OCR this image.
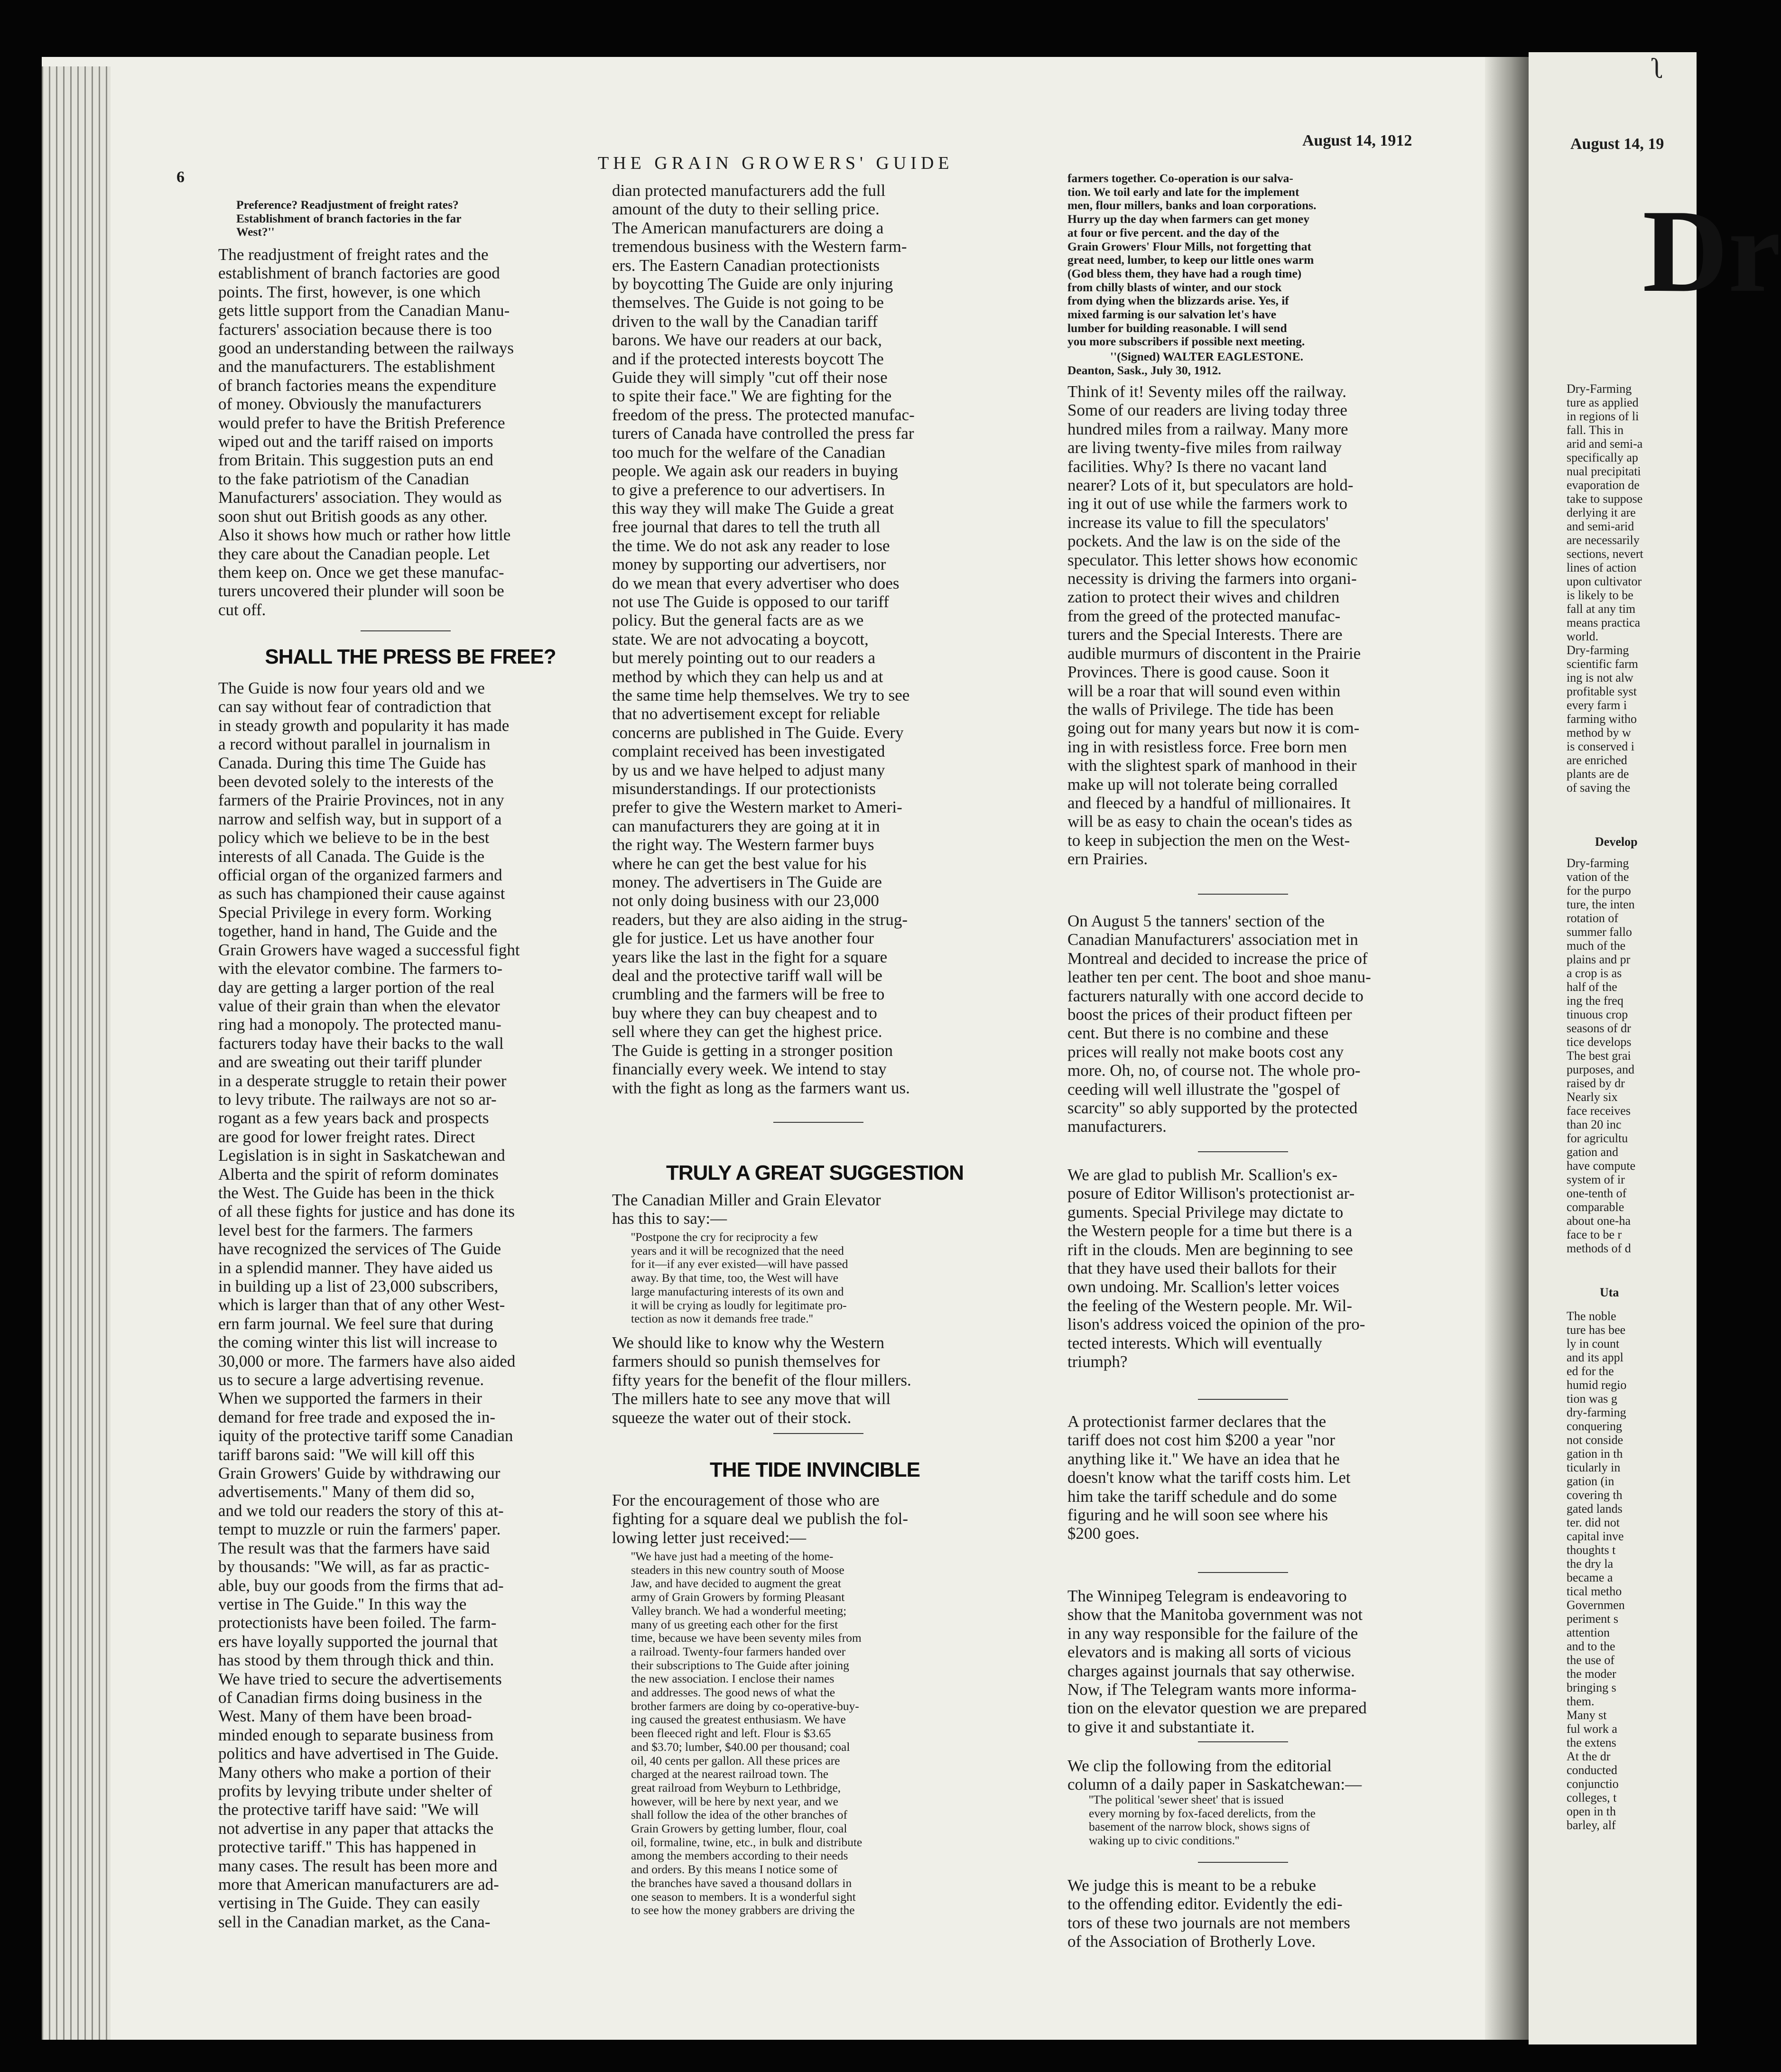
6
THE GRAIN GROWERS' GUIDE
August 14, 1912

Preference? Readjustment of freight rates?
Establishment of branch factories in the far
West?''

The readjustment of freight rates and the
establishment of branch factories are good
points. The first, however, is one which
gets little support from the Canadian Manu-
facturers' association because there is too
good an understanding between the railways
and the manufacturers. The establishment
of branch factories means the expenditure
of money. Obviously the manufacturers
would prefer to have the British Preference
wiped out and the tariff raised on imports
from Britain. This suggestion puts an end
to the fake patriotism of the Canadian
Manufacturers' association. They would as
soon shut out British goods as any other.
Also it shows how much or rather how little
they care about the Canadian people. Let
them keep on. Once we get these manufac-
turers uncovered their plunder will soon be
cut off.

SHALL THE PRESS BE FREE?

The Guide is now four years old and we
can say without fear of contradiction that
in steady growth and popularity it has made
a record without parallel in journalism in
Canada. During this time The Guide has
been devoted solely to the interests of the
farmers of the Prairie Provinces, not in any
narrow and selfish way, but in support of a
policy which we believe to be in the best
interests of all Canada. The Guide is the
official organ of the organized farmers and
as such has championed their cause against
Special Privilege in every form. Working
together, hand in hand, The Guide and the
Grain Growers have waged a successful fight
with the elevator combine. The farmers to-
day are getting a larger portion of the real
value of their grain than when the elevator
ring had a monopoly. The protected manu-
facturers today have their backs to the wall
and are sweating out their tariff plunder
in a desperate struggle to retain their power
to levy tribute. The railways are not so ar-
rogant as a few years back and prospects
are good for lower freight rates. Direct
Legislation is in sight in Saskatchewan and
Alberta and the spirit of reform dominates
the West. The Guide has been in the thick
of all these fights for justice and has done its
level best for the farmers. The farmers
have recognized the services of The Guide
in a splendid manner. They have aided us
in building up a list of 23,000 subscribers,
which is larger than that of any other West-
ern farm journal. We feel sure that during
the coming winter this list will increase to
30,000 or more. The farmers have also aided
us to secure a large advertising revenue.
When we supported the farmers in their
demand for free trade and exposed the in-
iquity of the protective tariff some Canadian
tariff barons said: ''We will kill off this
Grain Growers' Guide by withdrawing our
advertisements.'' Many of them did so,
and we told our readers the story of this at-
tempt to muzzle or ruin the farmers' paper.
The result was that the farmers have said
by thousands: ''We will, as far as practic-
able, buy our goods from the firms that ad-
vertise in The Guide.'' In this way the
protectionists have been foiled. The farm-
ers have loyally supported the journal that
has stood by them through thick and thin.
We have tried to secure the advertisements
of Canadian firms doing business in the
West. Many of them have been broad-
minded enough to separate business from
politics and have advertised in The Guide.
Many others who make a portion of their
profits by levying tribute under shelter of
the protective tariff have said: ''We will
not advertise in any paper that attacks the
protective tariff.'' This has happened in
many cases. The result has been more and
more that American manufacturers are ad-
vertising in The Guide. They can easily
sell in the Canadian market, as the Cana-

dian protected manufacturers add the full
amount of the duty to their selling price.
The American manufacturers are doing a
tremendous business with the Western farm-
ers. The Eastern Canadian protectionists
by boycotting The Guide are only injuring
themselves. The Guide is not going to be
driven to the wall by the Canadian tariff
barons. We have our readers at our back,
and if the protected interests boycott The
Guide they will simply ''cut off their nose
to spite their face.'' We are fighting for the
freedom of the press. The protected manufac-
turers of Canada have controlled the press far
too much for the welfare of the Canadian
people. We again ask our readers in buying
to give a preference to our advertisers. In
this way they will make The Guide a great
free journal that dares to tell the truth all
the time. We do not ask any reader to lose
money by supporting our advertisers, nor
do we mean that every advertiser who does
not use The Guide is opposed to our tariff
policy. But the general facts are as we
state. We are not advocating a boycott,
but merely pointing out to our readers a
method by which they can help us and at
the same time help themselves. We try to see
that no advertisement except for reliable
concerns are published in The Guide. Every
complaint received has been investigated
by us and we have helped to adjust many
misunderstandings. If our protectionists
prefer to give the Western market to Ameri-
can manufacturers they are going at it in
the right way. The Western farmer buys
where he can get the best value for his
money. The advertisers in The Guide are
not only doing business with our 23,000
readers, but they are also aiding in the strug-
gle for justice. Let us have another four
years like the last in the fight for a square
deal and the protective tariff wall will be
crumbling and the farmers will be free to
buy where they can buy cheapest and to
sell where they can get the highest price.
The Guide is getting in a stronger position
financially every week. We intend to stay
with the fight as long as the farmers want us.

TRULY A GREAT SUGGESTION

The Canadian Miller and Grain Elevator
has this to say:—

''Postpone the cry for reciprocity a few
years and it will be recognized that the need
for it—if any ever existed—will have passed
away. By that time, too, the West will have
large manufacturing interests of its own and
it will be crying as loudly for legitimate pro-
tection as now it demands free trade.''

We should like to know why the Western
farmers should so punish themselves for
fifty years for the benefit of the flour millers.
The millers hate to see any move that will
squeeze the water out of their stock.

THE TIDE INVINCIBLE

For the encouragement of those who are
fighting for a square deal we publish the fol-
lowing letter just received:—

''We have just had a meeting of the home-
steaders in this new country south of Moose
Jaw, and have decided to augment the great
army of Grain Growers by forming Pleasant
Valley branch. We had a wonderful meeting;
many of us greeting each other for the first
time, because we have been seventy miles from
a railroad. Twenty-four farmers handed over
their subscriptions to The Guide after joining
the new association. I enclose their names
and addresses. The good news of what the
brother farmers are doing by co-operative-buy-
ing caused the greatest enthusiasm. We have
been fleeced right and left. Flour is $3.65
and $3.70; lumber, $40.00 per thousand; coal
oil, 40 cents per gallon. All these prices are
charged at the nearest railroad town. The
great railroad from Weyburn to Lethbridge,
however, will be here by next year, and we
shall follow the idea of the other branches of
Grain Growers by getting lumber, flour, coal
oil, formaline, twine, etc., in bulk and distribute
among the members according to their needs
and orders. By this means I notice some of
the branches have saved a thousand dollars in
one season to members. It is a wonderful sight
to see how the money grabbers are driving the

farmers together. Co-operation is our salva-
tion. We toil early and late for the implement
men, flour millers, banks and loan corporations.
Hurry up the day when farmers can get money
at four or five percent. and the day of the
Grain Growers' Flour Mills, not forgetting that
great need, lumber, to keep our little ones warm
(God bless them, they have had a rough time)
from chilly blasts of winter, and our stock
from dying when the blizzards arise. Yes, if
mixed farming is our salvation let's have
lumber for building reasonable. I will send
you more subscribers if possible next meeting.

''(Signed) WALTER EAGLESTONE.
Deanton, Sask., July 30, 1912.

Think of it! Seventy miles off the railway.
Some of our readers are living today three
hundred miles from a railway. Many more
are living twenty-five miles from railway
facilities. Why? Is there no vacant land
nearer? Lots of it, but speculators are hold-
ing it out of use while the farmers work to
increase its value to fill the speculators'
pockets. And the law is on the side of the
speculator. This letter shows how economic
necessity is driving the farmers into organi-
zation to protect their wives and children
from the greed of the protected manufac-
turers and the Special Interests. There are
audible murmurs of discontent in the Prairie
Provinces. There is good cause. Soon it
will be a roar that will sound even within
the walls of Privilege. The tide has been
going out for many years but now it is com-
ing in with resistless force. Free born men
with the slightest spark of manhood in their
make up will not tolerate being corralled
and fleeced by a handful of millionaires. It
will be as easy to chain the ocean's tides as
to keep in subjection the men on the West-
ern Prairies.

On August 5 the tanners' section of the
Canadian Manufacturers' association met in
Montreal and decided to increase the price of
leather ten per cent. The boot and shoe manu-
facturers naturally with one accord decide to
boost the prices of their product fifteen per
cent. But there is no combine and these
prices will really not make boots cost any
more. Oh, no, of course not. The whole pro-
ceeding will well illustrate the ''gospel of
scarcity'' so ably supported by the protected
manufacturers.

We are glad to publish Mr. Scallion's ex-
posure of Editor Willison's protectionist ar-
guments. Special Privilege may dictate to
the Western people for a time but there is a
rift in the clouds. Men are beginning to see
that they have used their ballots for their
own undoing. Mr. Scallion's letter voices
the feeling of the Western people. Mr. Wil-
lison's address voiced the opinion of the pro-
tected interests. Which will eventually
triumph?

A protectionist farmer declares that the
tariff does not cost him $200 a year ''nor
anything like it.'' We have an idea that he
doesn't know what the tariff costs him. Let
him take the tariff schedule and do some
figuring and he will soon see where his
$200 goes.

The Winnipeg Telegram is endeavoring to
show that the Manitoba government was not
in any way responsible for the failure of the
elevators and is making all sorts of vicious
charges against journals that say otherwise.
Now, if The Telegram wants more informa-
tion on the elevator question we are prepared
to give it and substantiate it.

We clip the following from the editorial
column of a daily paper in Saskatchewan:—

''The political 'sewer sheet' that is issued
every morning by fox-faced derelicts, from the
basement of the narrow block, shows signs of
waking up to civic conditions.''

We judge this is meant to be a rebuke
to the offending editor. Evidently the edi-
tors of these two journals are not members
of the Association of Brotherly Love.

ʅ
August 14, 19
Dr

Dry-Farming
ture as applied
in regions of li
fall. This in
arid and semi-a
specifically ap
nual precipitati
evaporation de
take to suppose
derlying it are
and semi-arid
are necessarily
sections, nevert
lines of action
upon cultivator
is likely to be
fall at any tim
means practica
world.
Dry-farming
scientific farm
ing is not alw
profitable syst
every farm i
farming witho
method by w
is conserved i
are enriched
plants are de
of saving the

Develop

Dry-farming
vation of the
for the purpo
ture, the inten
rotation of
summer fallo
much of the
plains and pr
a crop is as
half of the
ing the freq
tinuous crop
seasons of dr
tice develops
The best grai
purposes, and
raised by dr
Nearly six
face receives
than 20 inc
for agricultu
gation and
have compute
system of ir
one-tenth of
comparable
about one-ha
face to be r
methods of d

Uta

The noble
ture has bee
ly in count
and its appl
ed for the
humid regio
tion was g
dry-farming
conquering
not conside
gation in th
ticularly in
gation (in
covering th
gated lands
ter. did not
capital inve
thoughts t
the dry la
became a
tical metho
Governmen
periment s
attention
and to the
the use of
the moder
bringing s
them.
Many st
ful work a
the extens
At the dr
conducted
conjunctio
colleges, t
open in th
barley, alf
